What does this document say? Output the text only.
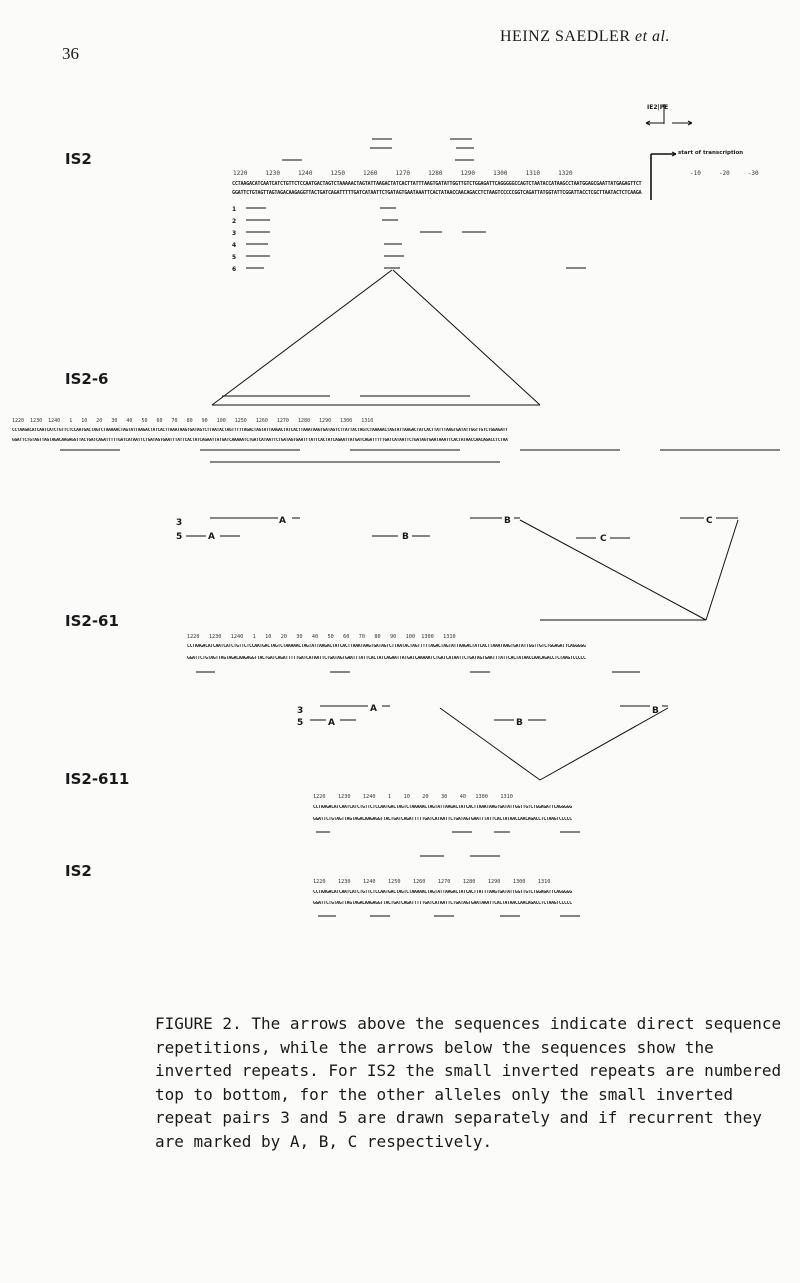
36
HEINZ SAEDLER et al.
IE2|PE
start of transcription
IS2
IS2-6
IS2-61
IS2-611
IS2
1220     1230     1240     1250     1260     1270     1280     1290     1300     1310     1320	-10     -20     -30
CCTAAGACATCAATCATCTGTTCTCCAATGACTAGTCTAAAAACTAGTATTAAGACTATCACTTATTTAAGTGATATTGGTTGTCTGGAGATTCAGGGGGCCAGTCTAATACCATAAGCCTAATGGAGCGAATTATGAGAGTTCT
GGATTCTGTAGTTAGTAGACAAGAGGTTACTGATCAGATTTTTGATCATAATTCTGATAGTGAATAAATTCACTATAACCAACAGACCTCTAAGTCCCCCGGTCAGATTATGGTATTCGGATTACCTCGCTTAATACTCTCAAGA
1
2
3
4
5
6
1220  1230  1240   1   10   20   30   40   50   60   70   80   90   100   1250   1260   1270   1280   1290   1300   1310
CCTAAGACATCAATCATCTGTTCTCCAATGACTAGTCTAAAAACTAGTATTAAGACTATCACTTAAATAAGTGATAGTCTTAATACTAGTTTTTAGACTAGTATTAAGACTATCACTTAAATAAGTGATAGTCTTATTACTAGTCTAAAAACTAGTATTAAGACTATCACTTATTTAAGTGATATTGGTTGTCTGGAGATT
GGATTCTGTAGTTAGTAGACAAGAGGTTACTGATCAGATTTTTGATCATAATTCTGATAGTGAATTTATTCACTATCAGAATTATGATCAAAAATCTGATCATAATTCTGATAGTGAATTTATTCACTATCAGAATTATGATCAGATTTTTGATCATAATTCTGATAGTGAATAAATTCACTATAACCAACAGACCTCTAA
3
5
A
A
B
B
C
C
1220   1230   1240   1   10   20   30   40   50   60   70   80   90   100  1300   1310
CCTAAGACATCAATCATCTGTTCTCCAATGACTAGTCTAAAAACTAGTATTAAGACTATCACTTAAATAAGTGATAGTCTTAATACTAGTTTTTAGACTAGTATTAAGACTATCACTTAAATAAGTGATATTGGTTGTCTGGAGATTCAGGGGG
GGATTCTGTAGTTAGTAGACAAGAGGTTACTGATCAGATTTTTGATCATAATTCTGATAGTGAATTTATTCACTATCAGAATTATGATCAAAAATCTGATCATAATTCTGATAGTGAATTTATTCACTATAACCAACAGACCTCTAAGTCCCCC
3
5
A
A
B
B
1220    1230    1240    1    10    20    30    40   1300    1310
CCTAAGACATCAATCATCTGTTCTCCAATGACTAGTCTAAAAACTAGTATTAAGACTATCACTTAAATAAGTGATATTGGTTGTCTGGAGATTCAGGGGG
GGATTCTGTAGTTAGTAGACAAGAGGTTACTGATCAGATTTTTGATCATAATTCTGATAGTGAATTTATTCACTATAACCAACAGACCTCTAAGTCCCCC
1220    1230    1240    1250    1260    1270    1280    1290    1300    1310
CCTAAGACATCAATCATCTGTTCTCCAATGACTAGTCTAAAAACTAGTATTAAGACTATCACTTATTTAAGTGATATTGGTTGTCTGGAGATTCAGGGGG
GGATTCTGTAGTTAGTAGACAAGAGGTTACTGATCAGATTTTTGATCATAATTCTGATAGTGAATAAATTCACTATAACCAACAGACCTCTAAGTCCCCC
FIGURE 2. The arrows above the sequences indicate direct sequence repetitions, while the arrows below the sequences show the inverted repeats. For IS2 the small inverted repeats are numbered top to bottom, for the other alleles only the small inverted repeat pairs 3 and 5 are drawn separately and if recurrent they are marked by A, B, C respectively.
